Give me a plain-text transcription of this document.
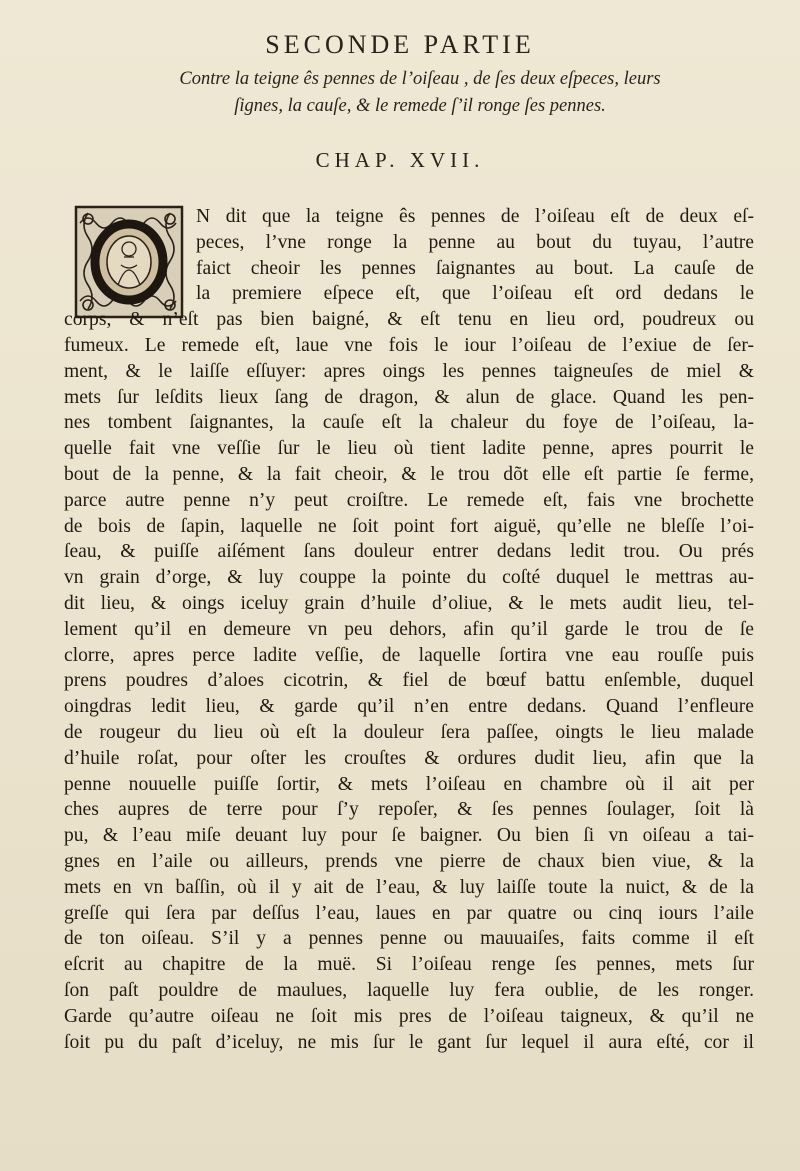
SECONDE PARTIE
Contre la teigne ês pennes de l’oiſeau , de ſes deux eſpeces, leurs
ſignes, la cauſe, & le remede ſ’il ronge ſes pennes.
CHAP. XVII.
N dit que la teigne ês pennes de l’oiſeau eſt de deux eſ-
peces, l’vne ronge la penne au bout du tuyau, l’autre
faict cheoir les pennes ſaignantes au bout. La cauſe de
la premiere eſpece eſt, que l’oiſeau eſt ord dedans le
corps, & n’eſt pas bien baigné, & eſt tenu en lieu ord, poudreux ou
fumeux. Le remede eſt, laue vne fois le iour l’oiſeau de l’exiue de ſer-
ment, & le laiſſe eſſuyer: apres oings les pennes taigneuſes de miel &
mets ſur leſdits lieux ſang de dragon, & alun de glace. Quand les pen-
nes tombent ſaignantes, la cauſe eſt la chaleur du foye de l’oiſeau, la-
quelle fait vne veſſie ſur le lieu où tient ladite penne, apres pourrit le
bout de la penne, & la fait cheoir, & le trou dõt elle eſt partie ſe ferme,
parce autre penne n’y peut croiſtre. Le remede eſt, fais vne brochette
de bois de ſapin, laquelle ne ſoit point fort aiguë, qu’elle ne bleſſe l’oi-
ſeau, & puiſſe aiſément ſans douleur entrer dedans ledit trou. Ou prés
vn grain d’orge, & luy couppe la pointe du coſté duquel le mettras au-
dit lieu, & oings iceluy grain d’huile d’oliue, & le mets audit lieu, tel-
lement qu’il en demeure vn peu dehors, afin qu’il garde le trou de ſe
clorre, apres perce ladite veſſie, de laquelle ſortira vne eau rouſſe puis
prens poudres d’aloes cicotrin, & fiel de bœuf battu enſemble, duquel
oingdras ledit lieu, & garde qu’il n’en entre dedans. Quand l’enfleure
de rougeur du lieu où eſt la douleur ſera paſſee, oingts le lieu malade
d’huile roſat, pour oſter les crouſtes & ordures dudit lieu, afin que la
penne nouuelle puiſſe ſortir, & mets l’oiſeau en chambre où il ait per
ches aupres de terre pour ſ’y repoſer, & ſes pennes ſoulager, ſoit là
pu, & l’eau miſe deuant luy pour ſe baigner. Ou bien ſi vn oiſeau a tai-
gnes en l’aile ou ailleurs, prends vne pierre de chaux bien viue, & la
mets en vn baſſin, où il y ait de l’eau, & luy laiſſe toute la nuict, & de la
greſſe qui ſera par deſſus l’eau, laues en par quatre ou cinq iours l’aile
de ton oiſeau. S’il y a pennes penne ou mauuaiſes, faits comme il eſt
eſcrit au chapitre de la muë. Si l’oiſeau renge ſes pennes, mets ſur
ſon paſt pouldre de maulues, laquelle luy fera oublie, de les ronger.
Garde qu’autre oiſeau ne ſoit mis pres de l’oiſeau taigneux, & qu’il ne
ſoit pu du paſt d’iceluy, ne mis ſur le gant ſur lequel il aura eſté, cor il
